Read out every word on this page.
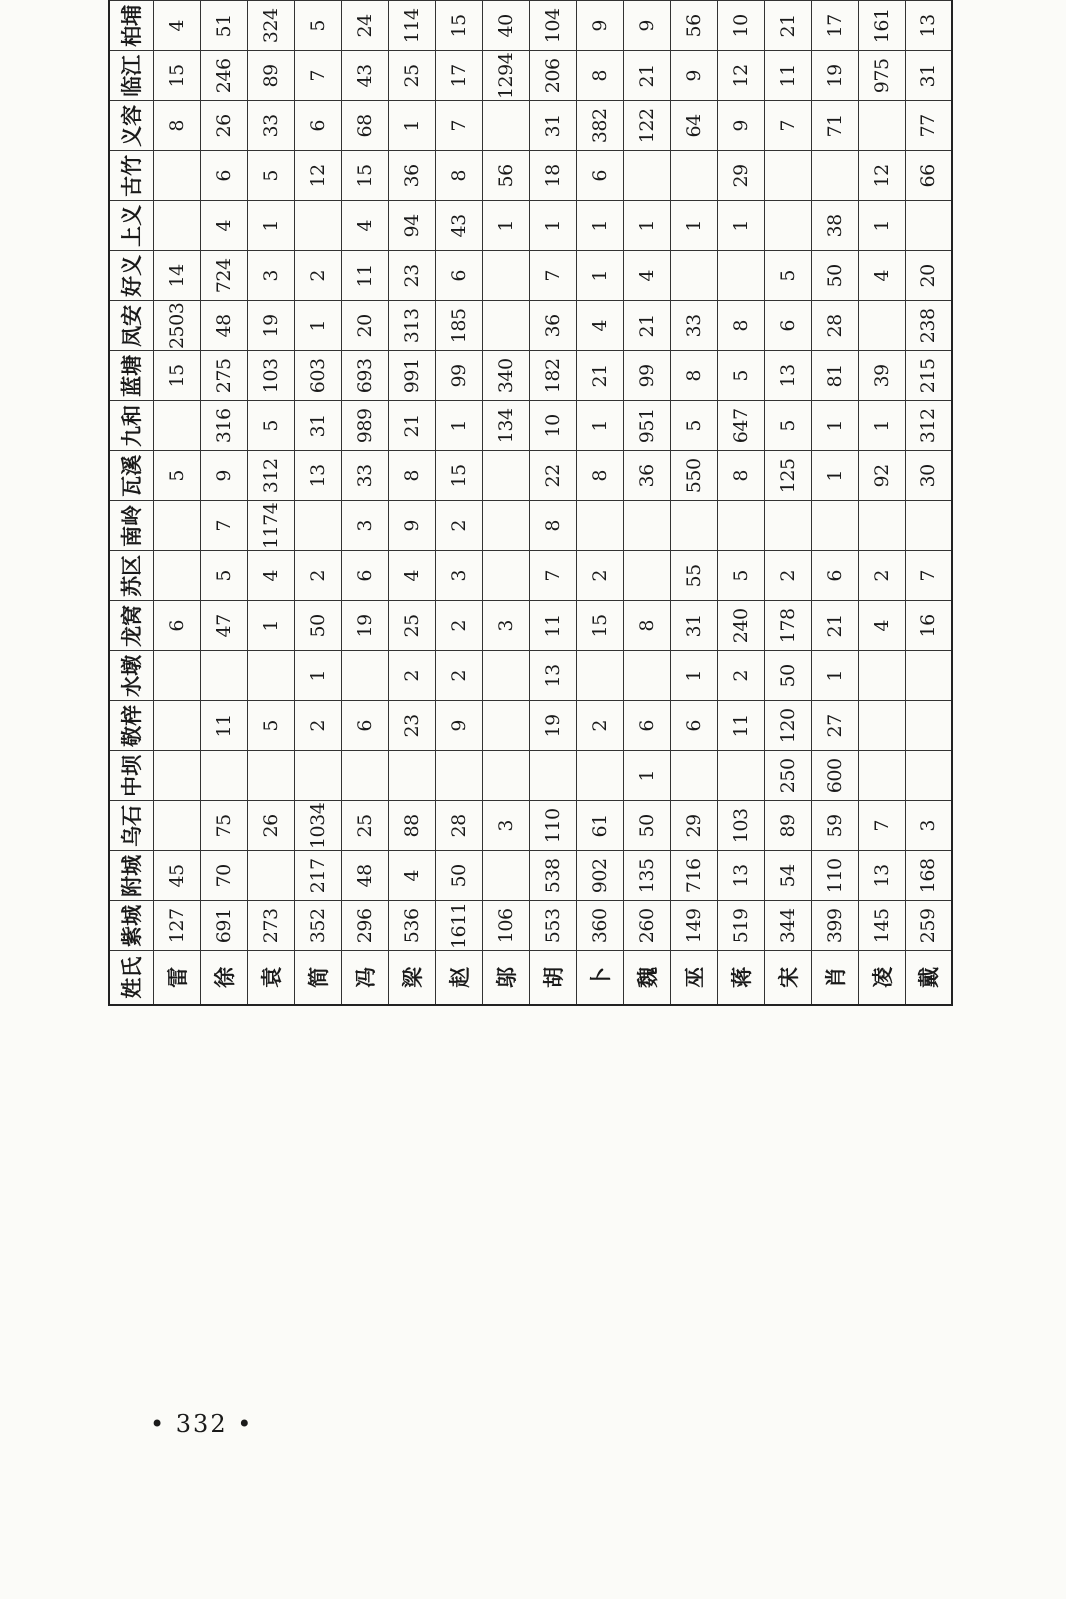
姓氏	紫城	附城	乌石	中坝	敬梓	水墩	龙窝	苏区	南岭	瓦溪	九和	蓝塘	凤安	好义	上义	古竹	义容	临江	柏埔		
雷	127	45					6			5		15	2503	14			8	15	4		
徐	691	70	75		11		47	5	7	9	316	275	48	724	4	6	26	246	51		
袁	273		26		5		1	4	1174	312	5	103	19	3	1	5	33	89	324		
简	352	217	1034		2	1	50	2		13	31	603	1	2		12	6	7	5		
冯	296	48	25		6		19	6	3	33	989	693	20	11	4	15	68	43	24		
梁	536	4	88		23	2	25	4	9	8	21	991	313	23	94	36	1	25	114		
赵	1611	50	28		9	2	2	3	2	15	1	99	185	6	43	8	7	17	15		
邬	106		3				3				134	340			1	56		1294	40		
胡	553	538	110		19	13	11	7	8	22	10	182	36	7	1	18	31	206	104		
卜	360	902	61		2		15	2		8	1	21	4	1	1	6	382	8	9		
魏	260	135	50	1	6		8			36	951	99	21	4	1		122	21	9		
巫	149	716	29		6	1	31	55		550	5	8	33		1		64	9	56		
蒋	519	13	103		11	2	240	5		8	647	5	8		1	29	9	12	10		
宋	344	54	89	250	120	50	178	2		125	5	13	6	5			7	11	21		
肖	399	110	59	600	27	1	21	6		1	1	81	28	50	38		71	19	17		
凌	145	13	7				4	2		92	1	39		4	1	12		975	161		
戴	259	168	3				16	7		30	312	215	238	20		66	77	31	13		
• 332 •
